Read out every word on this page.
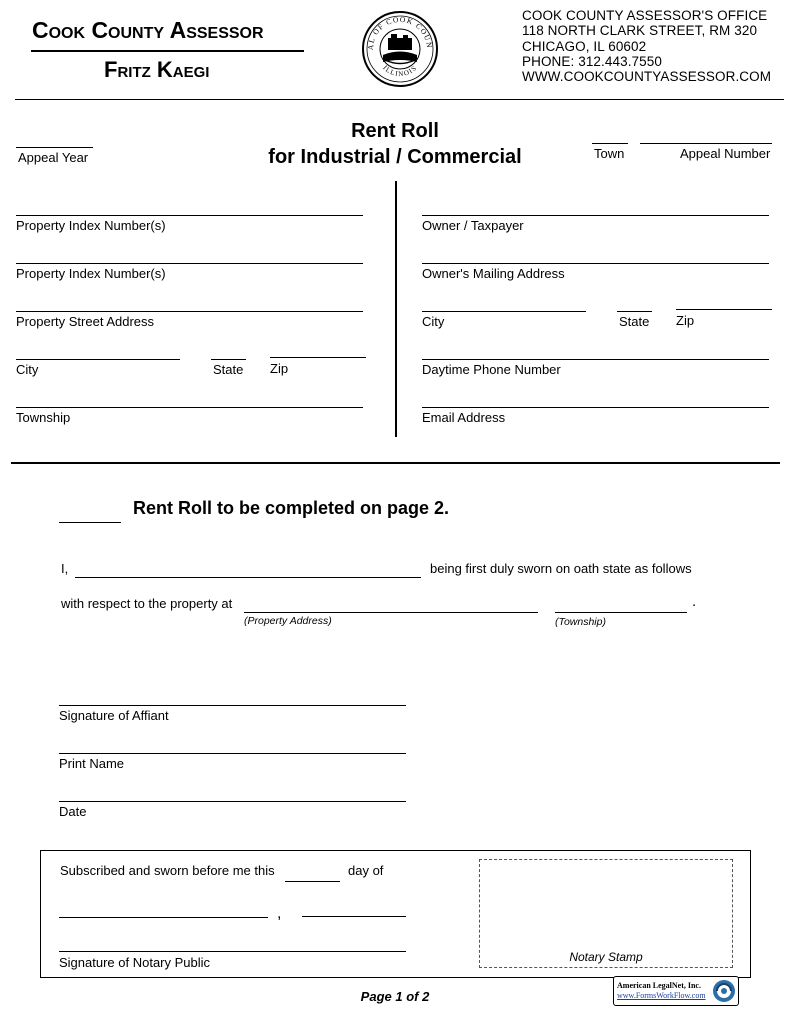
Cook County Assessor
Fritz Kaegi
AL OF COOK COUN
ILLINOIS
COOK COUNTY ASSESSOR'S OFFICE
118 NORTH CLARK STREET, RM 320
CHICAGO, IL 60602
PHONE: 312.443.7550
WWW.COOKCOUNTYASSESSOR.COM
Rent Roll
for Industrial / Commercial
Appeal Year	Town	Appeal Number
Property Index Number(s)
Property Index Number(s)
Property Street Address
City	State Zip
Township
Owner / Taxpayer
Owner's Mailing Address
City	State Zip
Daytime Phone Number
Email Address
Rent Roll to be completed on page 2.
I,	being first duly sworn on oath state as follows
with respect to the property at
(Property Address)	(Township)
.
Signature of Affiant
Print Name
Date
Subscribed and sworn before me this	day of
,
Signature of Notary Public	Notary Stamp
Page 1 of 2
American LegalNet, Inc.
www.FormsWorkFlow.com
